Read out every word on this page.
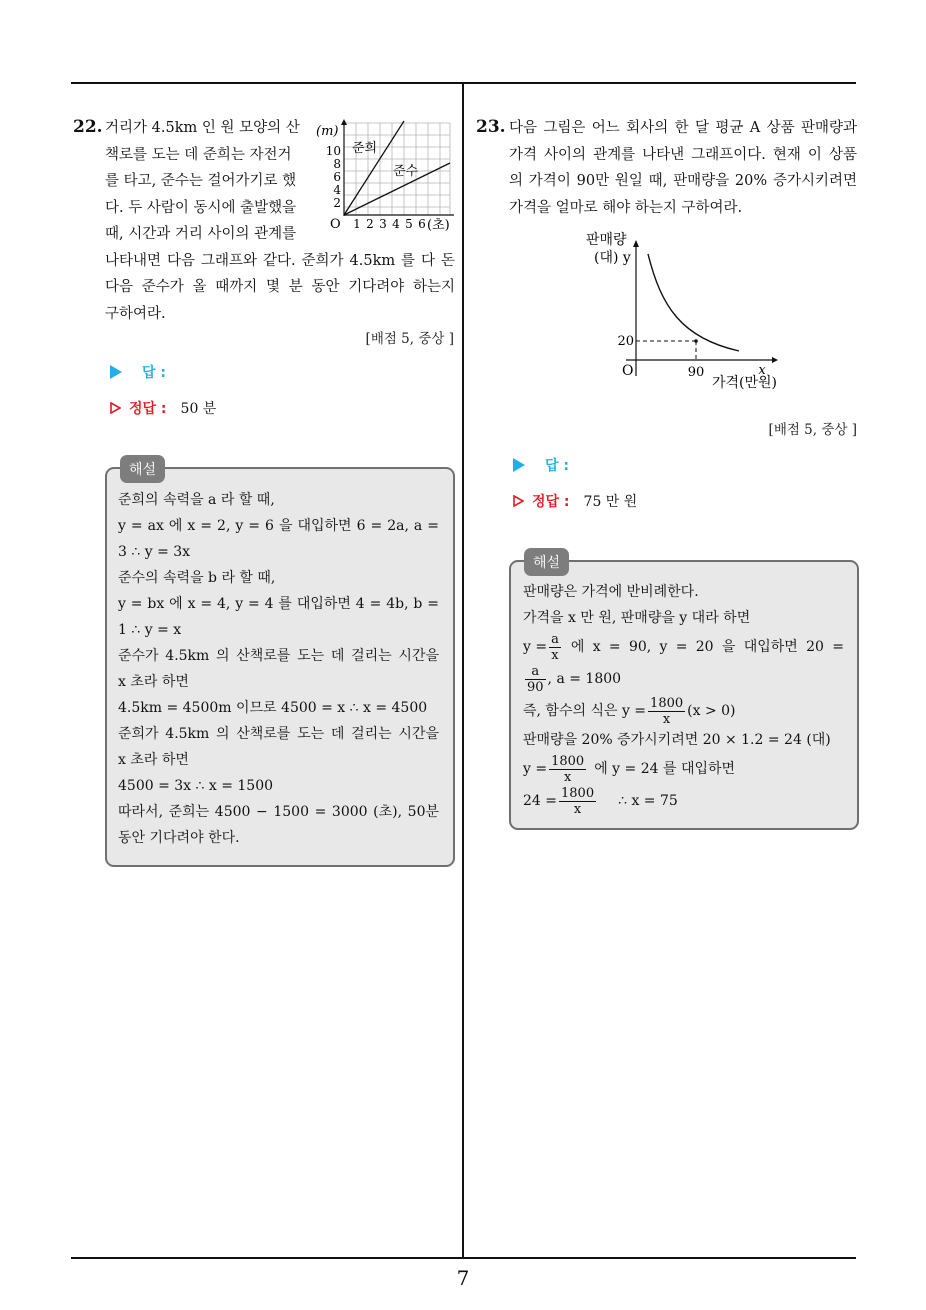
22. 거리가 4.5km 인 원 모양의 산
책로를 도는 데 준희는 자전거
를 타고, 준수는 걸어가기로 했
다. 두 사람이 동시에 출발했을
때, 시간과 거리 사이의 관계를
나타내면 다음 그래프와 같다. 준희가 4.5km 를 다 돈
다음 준수가 올 때까지 몇 분 동안 기다려야 하는지
구하여라.
(m)
10
8
6
4
2
O 1 2 3 4 5 6 (초)
준희
준수
[배점 5, 중상 ]
답 :
정답 : 50 분
해설
준희의 속력을 a 라 할 때,
y = ax 에 x = 2, y = 6 을 대입하면 6 = 2a, a =
3 ∴ y = 3x
준수의 속력을 b 라 할 때,
y = bx 에 x = 4, y = 4 를 대입하면 4 = 4b, b =
1 ∴ y = x
준수가 4.5km 의 산책로를 도는 데 걸리는 시간을
x 초라 하면
4.5km = 4500m 이므로 4500 = x ∴ x = 4500
준희가 4.5km 의 산책로를 도는 데 걸리는 시간을
x 초라 하면
4500 = 3x ∴ x = 1500
따라서, 준희는 4500 − 1500 = 3000 (초), 50분
동안 기다려야 한다.
23. 다음 그림은 어느 회사의 한 달 평균 A 상품 판매량과
가격 사이의 관계를 나타낸 그래프이다. 현재 이 상품
의 가격이 90만 원일 때, 판매량을 20% 증가시키려면
가격을 얼마로 해야 하는지 구하여라.
판매량
(대) y
20
O	90	x
가격(만원)
[배점 5, 중상 ]
답 :
정답 : 75 만 원
해설
판매량은 가격에 반비례한다.
가격을 x 만 원, 판매량을 y 대라 하면
$y = \frac{a}{x}$ 에 x = 90, y = 20 을 대입하면 20 =
$\frac{a}{90}$ , a = 1800
즉, 함수의 식은 $y = \frac{1800}{x} (x > 0)$
판매량을 20% 증가시키려면 20 × 1.2 = 24 (대)
$y = \frac{1800}{x}$ 에 y = 24 를 대입하면
$24 = \frac{1800}{x}$ ∴ x = 75
7
